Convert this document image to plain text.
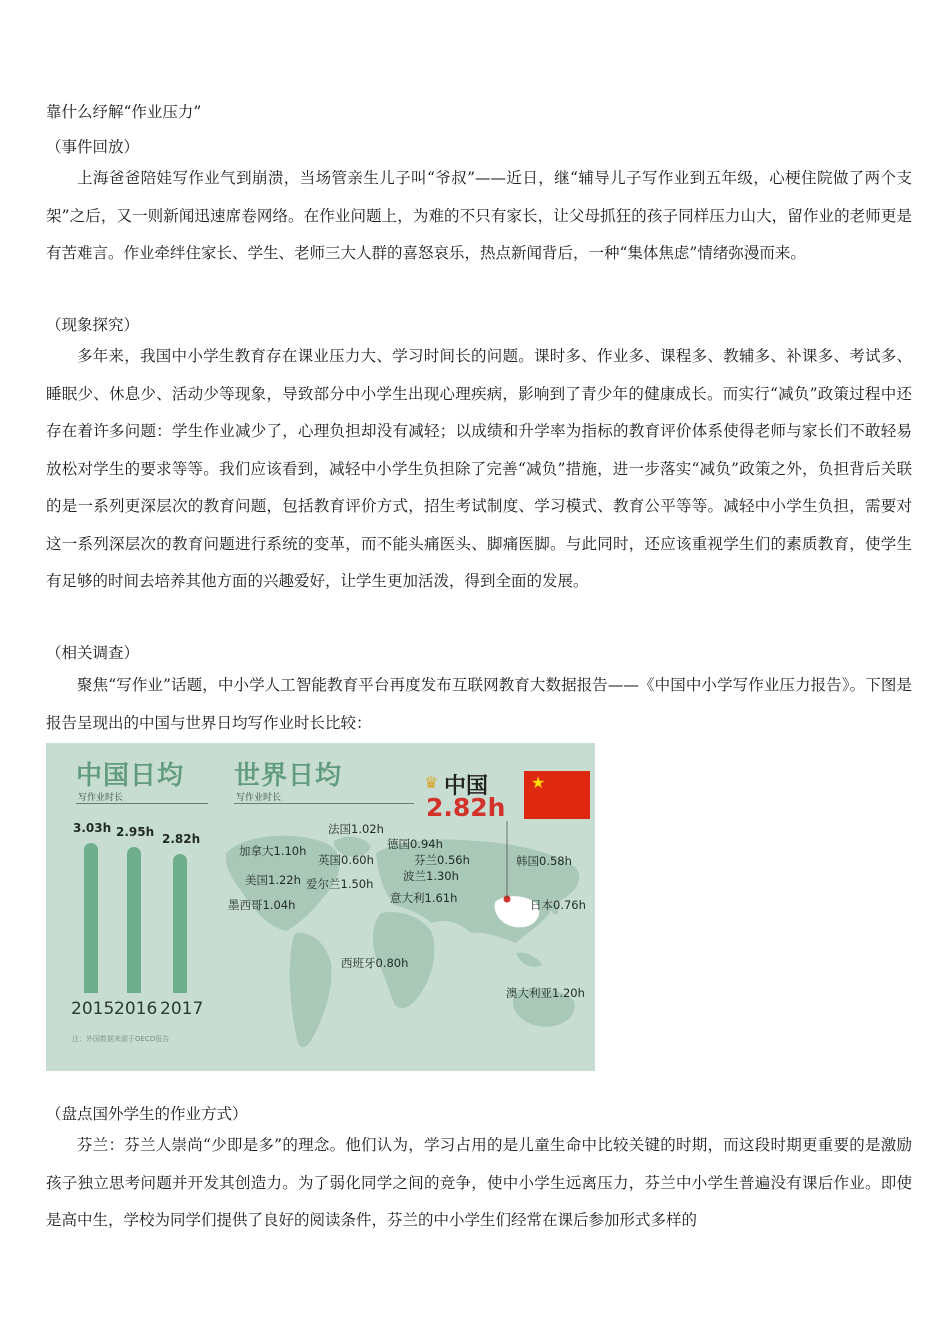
靠什么纾解“作业压力”
（事件回放）

上海爸爸陪娃写作业气到崩溃，当场管亲生儿子叫“爷叔”——近日，继“辅导儿子写作业到五年级，心梗住院做了两个支架”之后，又一则新闻迅速席卷网络。在作业问题上，为难的不只有家长，让父母抓狂的孩子同样压力山大，留作业的老师更是有苦难言。作业牵绊住家长、学生、老师三大人群的喜怒哀乐，热点新闻背后，一种“集体焦虑”情绪弥漫而来。

（现象探究）

多年来，我国中小学生教育存在课业压力大、学习时间长的问题。课时多、作业多、课程多、教辅多、补课多、考试多、睡眠少、休息少、活动少等现象，导致部分中小学生出现心理疾病，影响到了青少年的健康成长。而实行“减负”政策过程中还存在着许多问题：学生作业减少了，心理负担却没有减轻；以成绩和升学率为指标的教育评价体系使得老师与家长们不敢轻易放松对学生的要求等等。我们应该看到，减轻中小学生负担除了完善“减负”措施，进一步落实“减负”政策之外，负担背后关联的是一系列更深层次的教育问题，包括教育评价方式，招生考试制度、学习模式、教育公平等等。减轻中小学生负担，需要对这一系列深层次的教育问题进行系统的变革，而不能头痛医头、脚痛医脚。与此同时，还应该重视学生们的素质教育，使学生有足够的时间去培养其他方面的兴趣爱好，让学生更加活泼，得到全面的发展。

（相关调查）

聚焦“写作业”话题，中小学人工智能教育平台再度发布互联网教育大数据报告——《中国中小学写作业压力报告》。下图是报告呈现出的中国与世界日均写作业时长比较：

中国日均
写作业时长
世界日均
写作业时长
3.03h
2015
2.95h
2016
2.82h
2017
注：外国数据来源于OECD报告
♛ 中国
2.82h
★
法国1.02h
加拿大1.10h
英国0.60h
德国0.94h
芬兰0.56h
美国1.22h 爱尔兰1.50h
波兰1.30h
墨西哥1.04h	意大利1.61h
韩国0.58h
日本0.76h
西班牙0.80h
澳大利亚1.20h
（盘点国外学生的作业方式）

芬兰：芬兰人崇尚“少即是多”的理念。他们认为，学习占用的是儿童生命中比较关键的时期，而这段时期更重要的是激励孩子独立思考问题并开发其创造力。为了弱化同学之间的竞争，使中小学生远离压力，芬兰中小学生普遍没有课后作业。即使是高中生，学校为同学们提供了良好的阅读条件，芬兰的中小学生们经常在课后参加形式多样的
